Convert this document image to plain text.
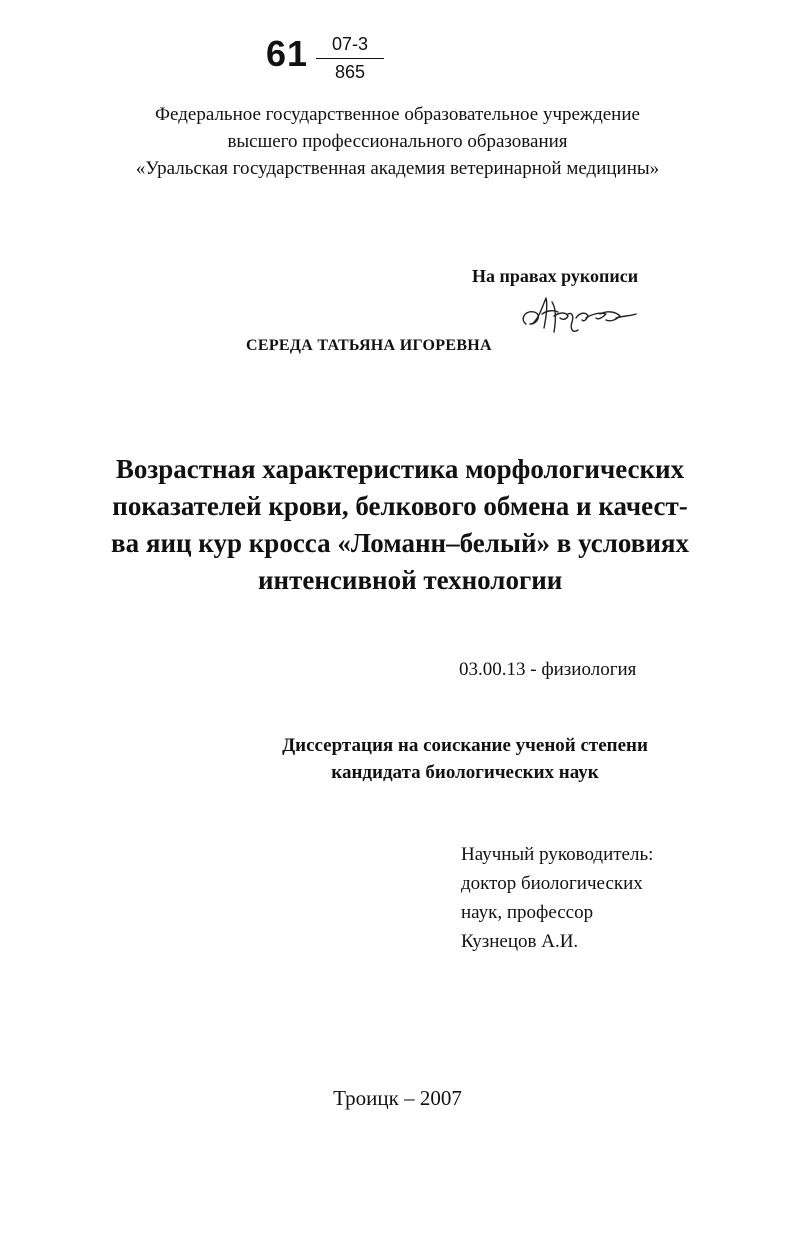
61	07-3
865
Федеральное государственное образовательное учреждение
высшего профессионального образования
«Уральская государственная академия ветеринарной медицины»
На правах рукописи
СЕРЕДА ТАТЬЯНА ИГОРЕВНА
Возрастная характеристика морфологических
показателей крови, белкового обмена и качест-
ва яиц кур кросса «Ломанн–белый» в условиях
интенсивной технологии
03.00.13 - физиология
Диссертация на соискание ученой степени
кандидата биологических наук
Научный руководитель:
доктор биологических
наук, профессор
Кузнецов А.И.
Троицк – 2007
